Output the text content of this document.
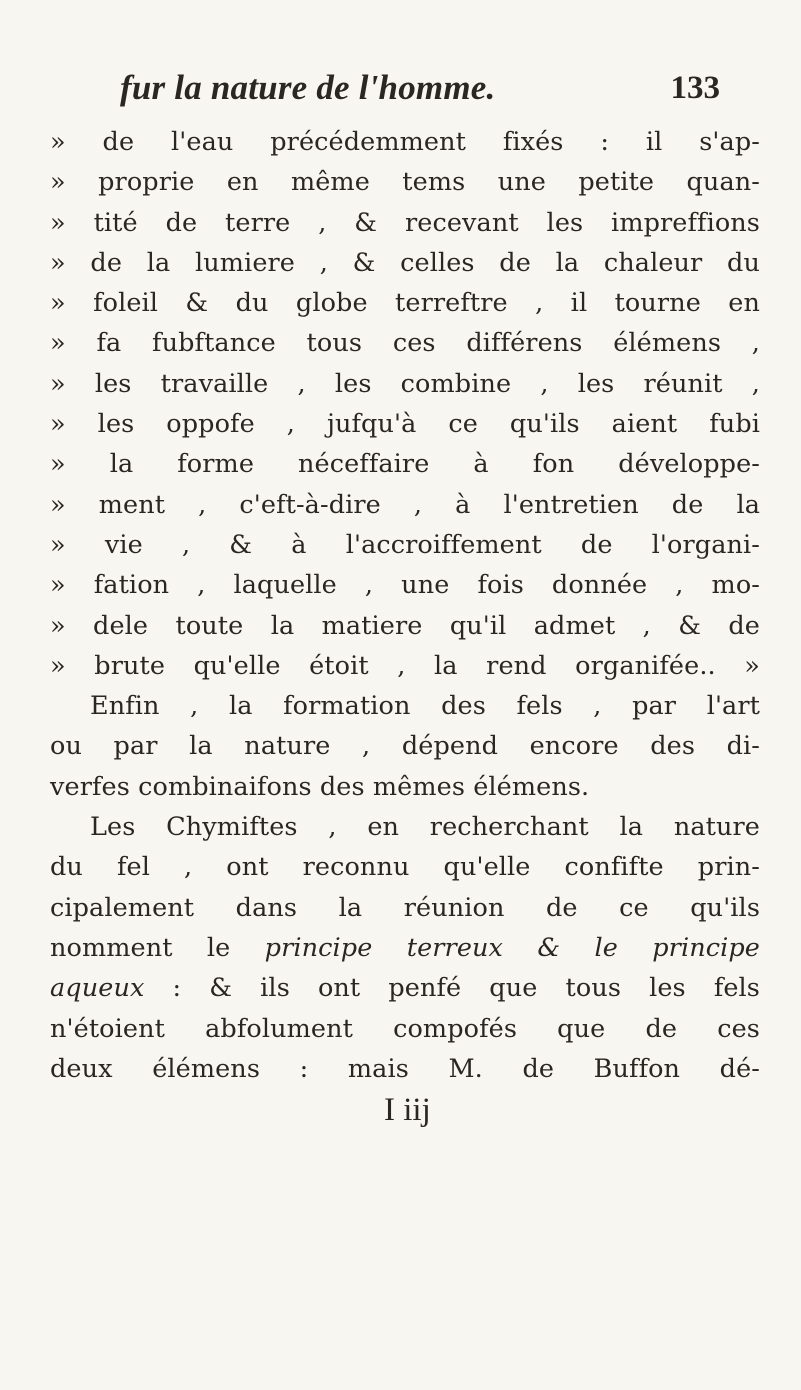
fur la nature de l'homme.	133
» de l'eau précédemment fixés : il s'ap-
» proprie en même tems une petite quan-
» tité de terre , & recevant les impreffions
» de la lumiere , & celles de la chaleur du
» foleil & du globe terreftre , il tourne en
» fa fubftance tous ces différens élémens ,
» les travaille , les combine , les réunit ,
» les oppofe , jufqu'à ce qu'ils aient fubi
» la forme néceffaire à fon développe-
» ment , c'eft-à-dire , à l'entretien de la
» vie , & à l'accroiffement de l'organi-
» fation , laquelle , une fois donnée , mo-
» dele toute la matiere qu'il admet , & de
» brute qu'elle étoit , la rend organifée.. »
Enfin , la formation des fels , par l'art
ou par la nature , dépend encore des di-
verfes combinaifons des mêmes élémens.
Les Chymiftes , en recherchant la nature
du fel , ont reconnu qu'elle confifte prin-
cipalement dans la réunion de ce qu'ils
nomment le principe terreux & le principe
aqueux : & ils ont penfé que tous les fels
n'étoient abfolument compofés que de ces
deux élémens : mais M. de Buffon dé-
I iij
